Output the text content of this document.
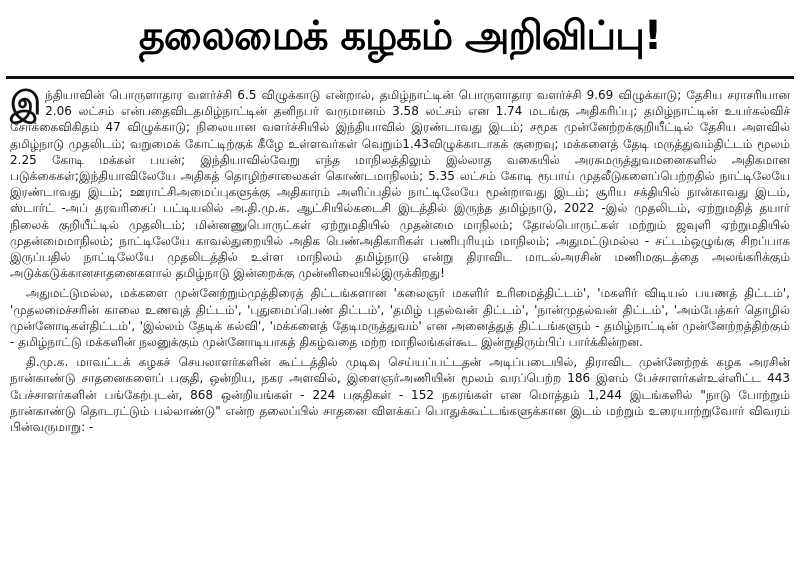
தலைமைக் கழகம் அறிவிப்பு!

இந்தியாவின் பொருளாதார வளர்ச்சி 6.5 விழுக்காடு என்றால், தமிழ்நாட்டின் பொருளாதார வளர்ச்சி 9.69 விழுக்காடு; தேசிய சராசரியான 2.06 லட்சம் என்பதைவிடதமிழ்நாட்டின் தனிநபர் வருமானம் 3.58 லட்சம் என 1.74 மடங்கு அதிகரிப்பு; தமிழ்நாட்டின் உயர்கல்விச் சேர்க்கைவிகிதம் 47 விழுக்காடு; நிலையான வளர்ச்சியில் இந்தியாவில் இரண்டாவது இடம்; சமூக முன்னேற்றக்குறியீட்டில் தேசிய அளவில் தமிழ்நாடு முதலிடம்; வறுமைக் கோட்டிற்குக் கீழே உள்ளவர்கள் வெறும்1.43விழுக்காடாகக் குறைவு; மக்களைத் தேடி மருத்துவம்திட்டம் மூலம் 2.25 கோடி மக்கள் பயன்; இந்தியாவில்வேறு எந்த மாநிலத்திலும் இல்லாத வகையில் அரசுமருத்துவமனைகளில் அதிகமான படுக்கைகள்;இந்தியாவிலேயே அதிகத் தொழிற்சாலைகள் கொண்டமாநிலம்; 5.35 லட்சம் கோடி ரூபாய் முதலீடுகளைப்பெற்றதில் நாட்டிலேயே இரண்டாவது இடம்; ஊராட்சிஅமைப்புகளுக்கு அதிகாரம் அளிப்பதில் நாட்டிலேயே மூன்றாவது இடம்; சூரிய சக்தியில் நான்காவது இடம், ஸ்டார்ட் -அப் தரவரிசைப் பட்டியலில் அ.தி.மு.க. ஆட்சியில்கடைசி இடத்தில் இருந்த தமிழ்நாடு, 2022 -இல் முதலிடம், ஏற்றுமதித் தயார் நிலைக் குறியீட்டில் முதலிடம்; மின்னணுபொருட்கள் ஏற்றுமதியில் முதன்மை மாநிலம்; தோல்பொருட்கள் மற்றும் ஜவுளி ஏற்றுமதியில் முதன்மைமாநிலம்; நாட்டிலேயே காவல்துறையில் அதிக பெண்அதிகாரிகள் பணிபுரியும் மாநிலம்; அதுமட்டுமல்ல - சட்டம்ஒழுங்கு சிறப்பாக இருப்பதில் நாட்டிலேயே முதலிடத்தில் உள்ள மாநிலம் தமிழ்நாடு என்று திராவிட மாடல்அரசின் மணிமகுடத்தை அலங்கரிக்கும் அடுக்கடுக்கானசாதனைகளால் தமிழ்நாடு இன்றைக்கு முன்னிலையில்இருக்கிறது!

அதுமட்டுமல்ல, மக்களை முன்னேற்றும்முத்திரைத் திட்டங்களான 'கலைஞர் மகளிர் உரிமைத்திட்டம்', 'மகளிர் விடியல் பயணத் திட்டம்', 'முதலமைச்சரின் காலை உணவுத் திட்டம்', 'புதுமைப்பெண் திட்டம்', 'தமிழ் புதல்வன் திட்டம்', 'நான்முதல்வன் திட்டம்', 'அம்பேத்கர் தொழில் முன்னோடிகள்திட்டம்', 'இல்லம் தேடிக் கல்வி', 'மக்களைத் தேடிமருத்துவம்' என அனைத்துத் திட்டங்களும் - தமிழ்நாட்டின் முன்னேற்றத்திற்கும் - தமிழ்நாட்டு மக்களின் நலனுக்கும் முன்னோடியாகத் திகழ்வதை மற்ற மாநிலங்கள்கூட இன்றுதிரும்பிப் பார்க்கின்றன.

தி.மு.க. மாவட்டக் கழகச் செயலாளர்களின் கூட்டத்தில் முடிவு செய்யப்பட்டதன் அடிப்படையில், திராவிட முன்னேற்றக் கழக அரசின் நான்காண்டு சாதனைகளைப் பகுதி, ஒன்றிய, நகர அளவில், இளைஞர்அணியின் மூலம் வரப்பெற்ற 186 இளம் பேச்சாளர்கள்உள்ளிட்ட 443 பேச்சாளர்களின் பங்கேற்புடன், 868 ஒன்றியங்கள் - 224 பகுதிகள் - 152 நகரங்கள் என மொத்தம் 1,244 இடங்களில் "நாடு போற்றும் நான்காண்டு தொடரட்டும் பல்லாண்டு" என்ற தலைப்பில் சாதனை விளக்கப் பொதுக்கூட்டங்களுக்கான இடம் மற்றும் உரையாற்றுவோர் விவரம் பின்வருமாறு: -
